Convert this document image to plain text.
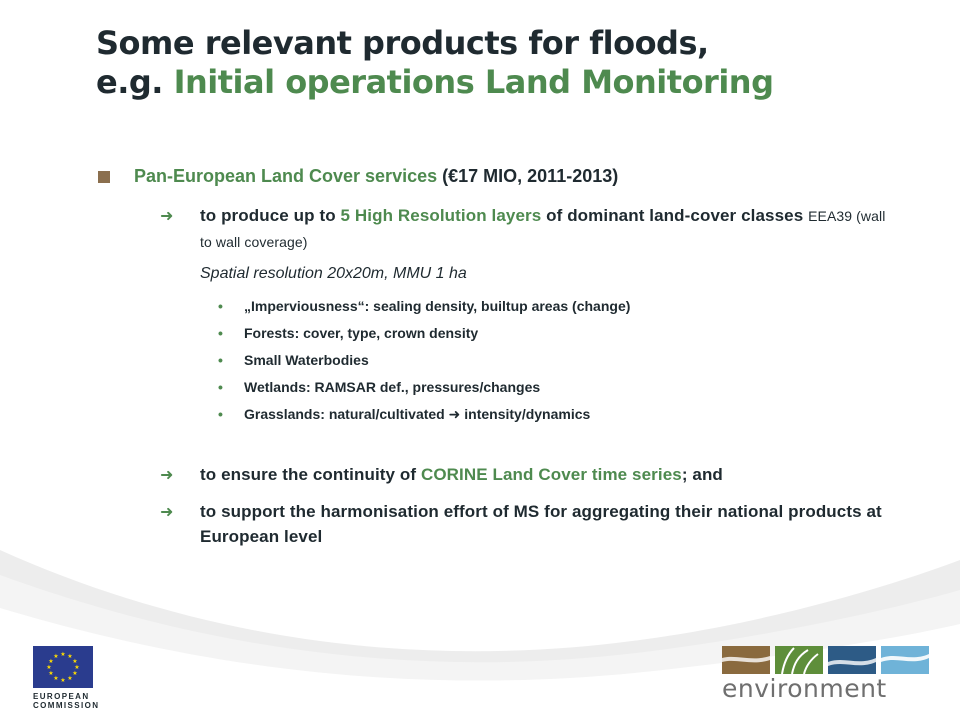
Some relevant products for floods,
e.g. Initial operations Land Monitoring
Pan-European Land Cover services (€17 MIO, 2011-2013)
➜ to produce up to 5 High Resolution layers of dominant land-cover classes EEA39 (wall to wall coverage)
Spatial resolution 20x20m, MMU 1 ha
• „Imperviousness“: sealing density, builtup areas (change)
• Forests: cover, type, crown density
• Small Waterbodies
• Wetlands: RAMSAR def., pressures/changes
• Grasslands: natural/cultivated ➜ intensity/dynamics
➜ to ensure the continuity of CORINE Land Cover time series; and
➜ to support the harmonisation effort of MS for aggregating their national products at European level
★ ★
★
★
★
★
★
★
★
★
★
★
EUROPEAN
COMMISSION
environment
